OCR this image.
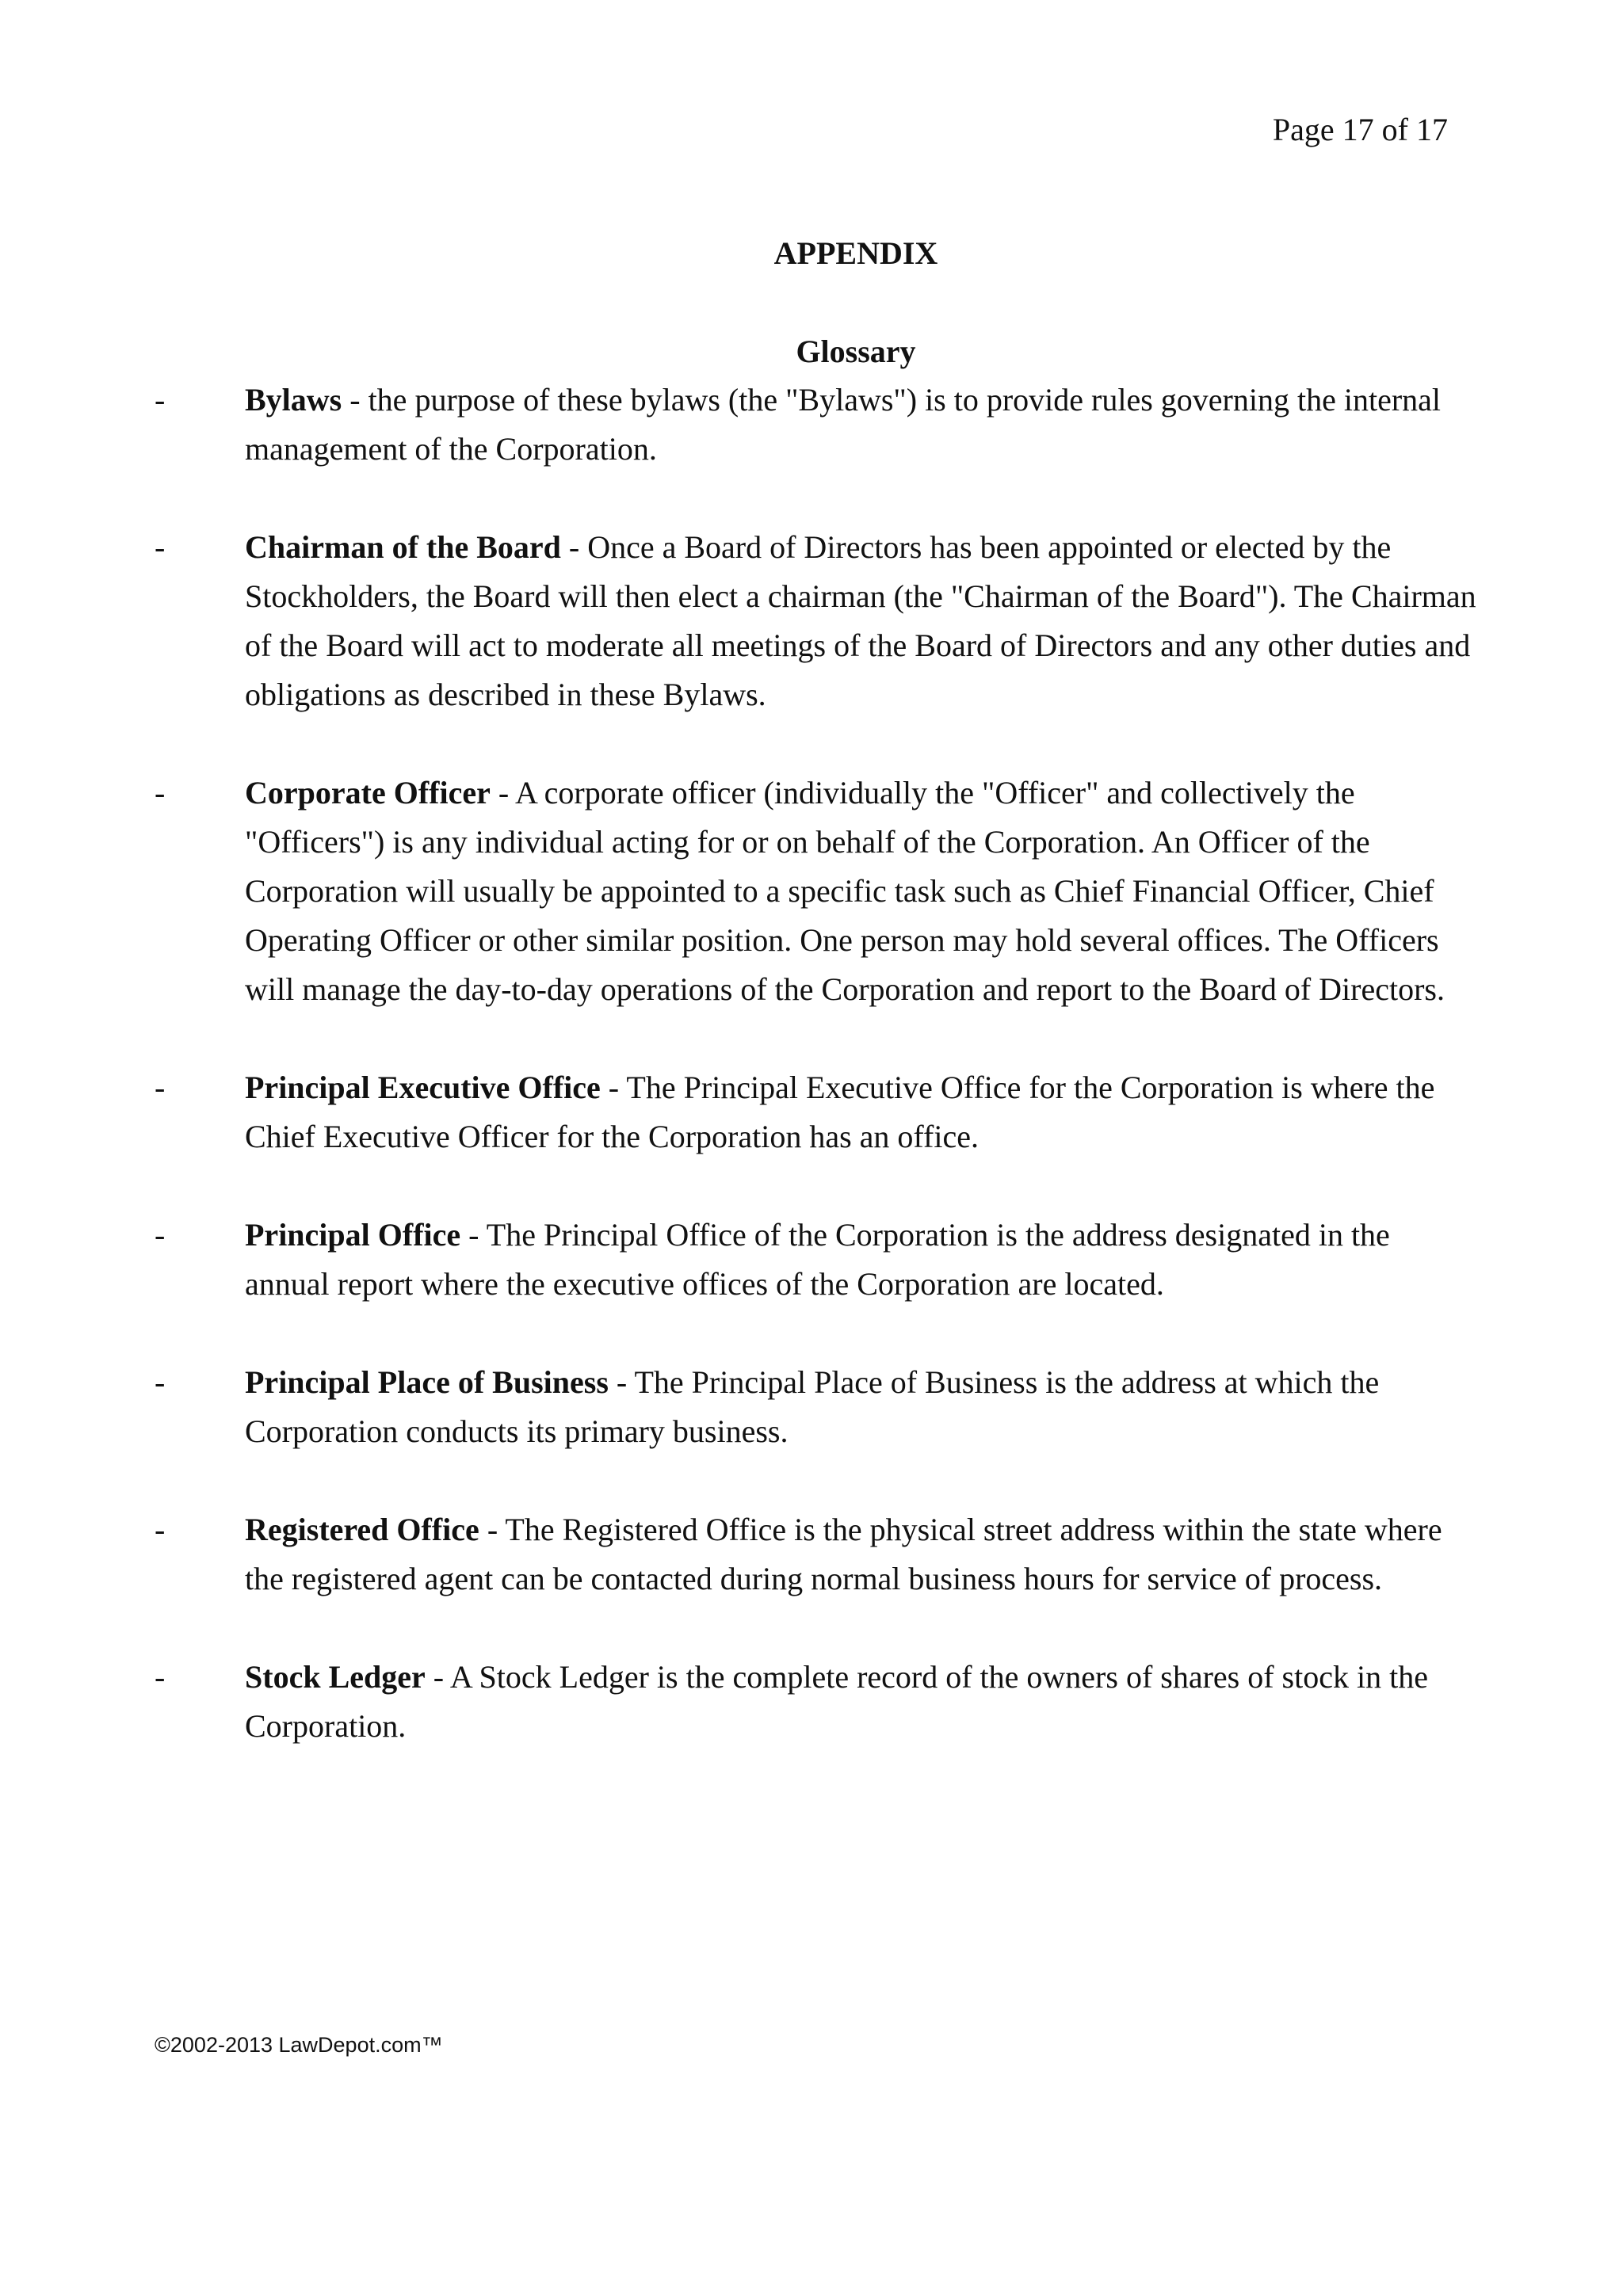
Page 17 of 17
APPENDIX
Glossary
-	Bylaws - the purpose of these bylaws (the "Bylaws") is to provide rules governing the internal management of the Corporation.
-	Chairman of the Board - Once a Board of Directors has been appointed or elected by the Stockholders, the Board will then elect a chairman (the "Chairman of the Board"). The Chairman of the Board will act to moderate all meetings of the Board of Directors and any other duties and obligations as described in these Bylaws.
-	Corporate Officer - A corporate officer (individually the "Officer" and collectively the "Officers") is any individual acting for or on behalf of the Corporation. An Officer of the Corporation will usually be appointed to a specific task such as Chief Financial Officer, Chief Operating Officer or other similar position. One person may hold several offices. The Officers will manage the day-to-day operations of the Corporation and report to the Board of Directors.
-	Principal Executive Office - The Principal Executive Office for the Corporation is where the Chief Executive Officer for the Corporation has an office.
-	Principal Office - The Principal Office of the Corporation is the address designated in the annual report where the executive offices of the Corporation are located.
-	Principal Place of Business - The Principal Place of Business is the address at which the Corporation conducts its primary business.
-	Registered Office - The Registered Office is the physical street address within the state where the registered agent can be contacted during normal business hours for service of process.
-	Stock Ledger - A Stock Ledger is the complete record of the owners of shares of stock in the Corporation.
©2002-2013 LawDepot.com™
